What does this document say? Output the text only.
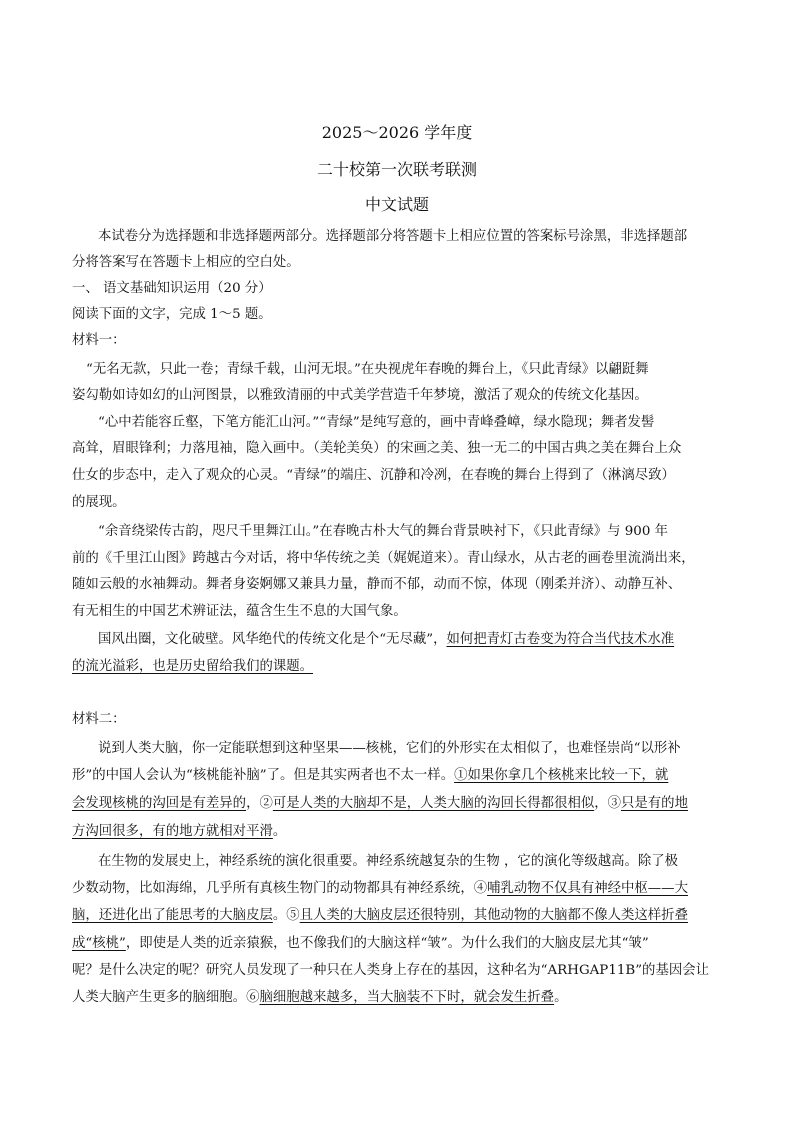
2025～2026 学年度
二十校第一次联考联测
中文试题
本试卷分为选择题和非选择题两部分。选择题部分将答题卡上相应位置的答案标号涂黑，非选择题部
分将答案写在答题卡上相应的空白处。
一、 语文基础知识运用（20 分）
阅读下面的文字，完成 1～5 题。
材料一：
“无名无款，只此一卷；青绿千载，山河无垠。”在央视虎年春晚的舞台上，《只此青绿》以翩跹舞
姿勾勒如诗如幻的山河图景，以雅致清丽的中式美学营造千年梦境，激活了观众的传统文化基因。
“心中若能容丘壑，下笔方能汇山河。”“青绿”是纯写意的，画中青峰叠嶂，绿水隐现；舞者发髻
高耸，眉眼锋利；力落甩袖，隐入画中。（美轮美奂）的宋画之美、独一无二的中国古典之美在舞台上众
仕女的步态中，走入了观众的心灵。“青绿”的端庄、沉静和冷冽，在春晚的舞台上得到了（淋漓尽致）
的展现。
“余音绕梁传古韵，咫尺千里舞江山。”在春晚古朴大气的舞台背景映衬下，《只此青绿》与 900 年
前的《千里江山图》跨越古今对话，将中华传统之美（娓娓道来）。青山绿水，从古老的画卷里流淌出来，
随如云般的水袖舞动。舞者身姿婀娜又兼具力量，静而不郁，动而不惊，体现（刚柔并济）、动静互补、
有无相生的中国艺术辨证法，蕴含生生不息的大国气象。
国风出圈，文化破壁。风华绝代的传统文化是个“无尽藏”，如何把青灯古卷变为符合当代技术水准
的流光溢彩，也是历史留给我们的课题。
材料二：
说到人类大脑，你一定能联想到这种坚果——核桃，它们的外形实在太相似了，也难怪崇尚“以形补
形”的中国人会认为“核桃能补脑”了。但是其实两者也不太一样。①如果你拿几个核桃来比较一下，就
会发现核桃的沟回是有差异的，②可是人类的大脑却不是，人类大脑的沟回长得都很相似，③只是有的地
方沟回很多，有的地方就相对平滑。
在生物的发展史上，神经系统的演化很重要。神经系统越复杂的生物 ，它的演化等级越高。除了极
少数动物，比如海绵，几乎所有真核生物门的动物都具有神经系统，④哺乳动物不仅具有神经中枢——大
脑，还进化出了能思考的大脑皮层。⑤且人类的大脑皮层还很特别，其他动物的大脑都不像人类这样折叠
成“核桃”，即使是人类的近亲猿猴，也不像我们的大脑这样“皱”。为什么我们的大脑皮层尤其“皱”
呢？是什么决定的呢？研究人员发现了一种只在人类身上存在的基因，这种名为“ARHGAP11B”的基因会让
人类大脑产生更多的脑细胞。⑥脑细胞越来越多，当大脑装不下时，就会发生折叠。
